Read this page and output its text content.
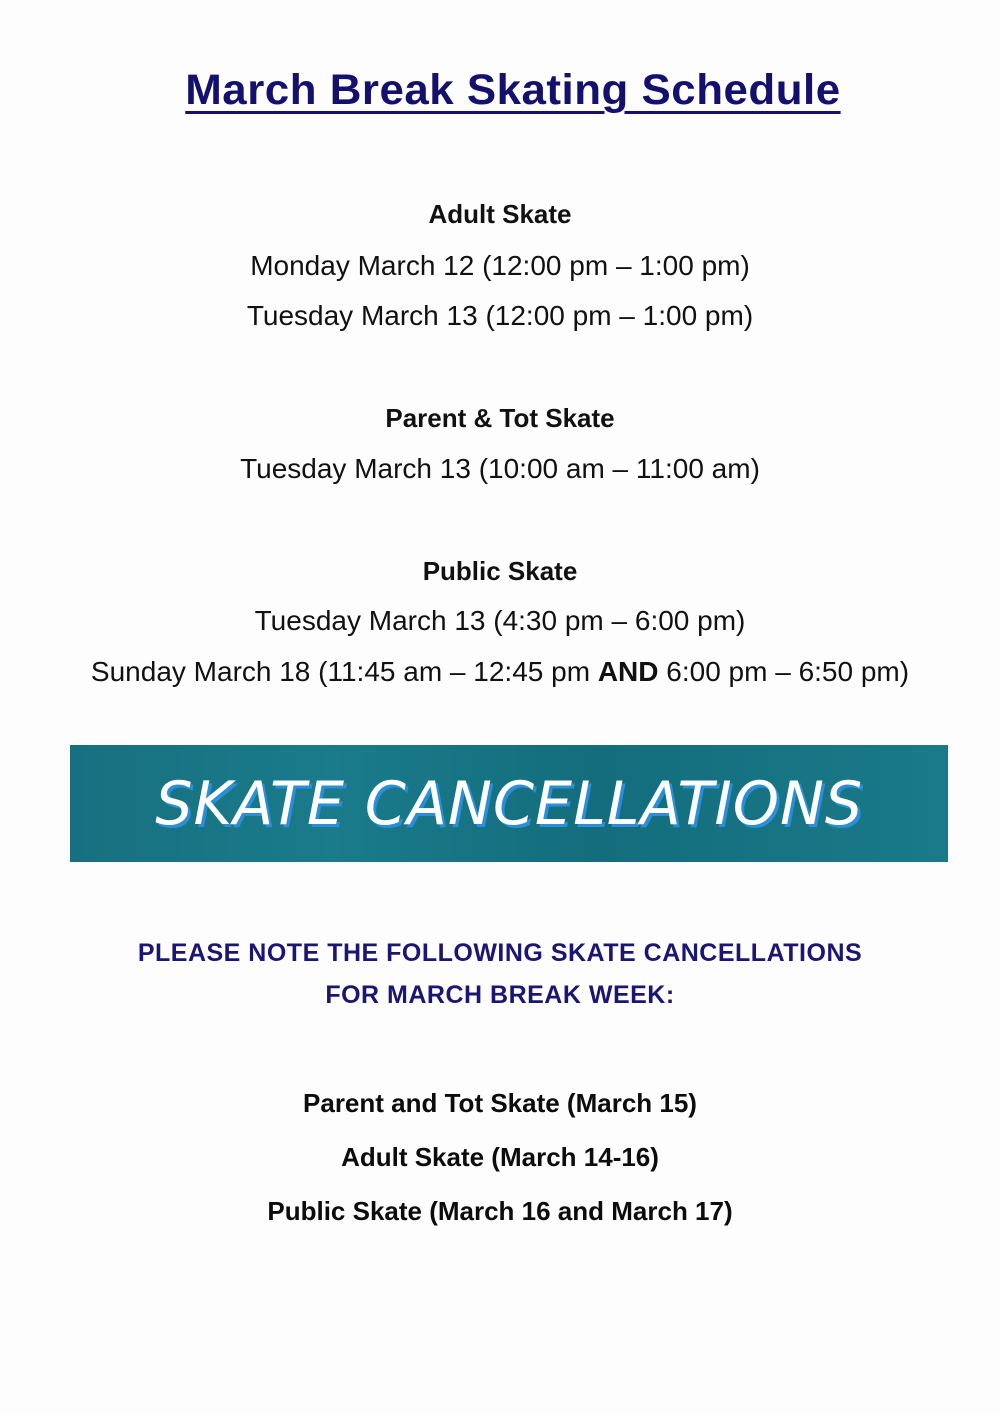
March Break Skating Schedule
Adult Skate
Monday March 12 (12:00 pm – 1:00 pm)
Tuesday March 13 (12:00 pm – 1:00 pm)
Parent & Tot Skate
Tuesday March 13 (10:00 am – 11:00 am)
Public Skate
Tuesday March 13 (4:30 pm – 6:00 pm)
Sunday March 18 (11:45 am – 12:45 pm AND 6:00 pm – 6:50 pm)
SKATE CANCELLATIONS
PLEASE NOTE THE FOLLOWING SKATE CANCELLATIONS
FOR MARCH BREAK WEEK:
Parent and Tot Skate (March 15)
Adult Skate (March 14-16)
Public Skate (March 16 and March 17)
